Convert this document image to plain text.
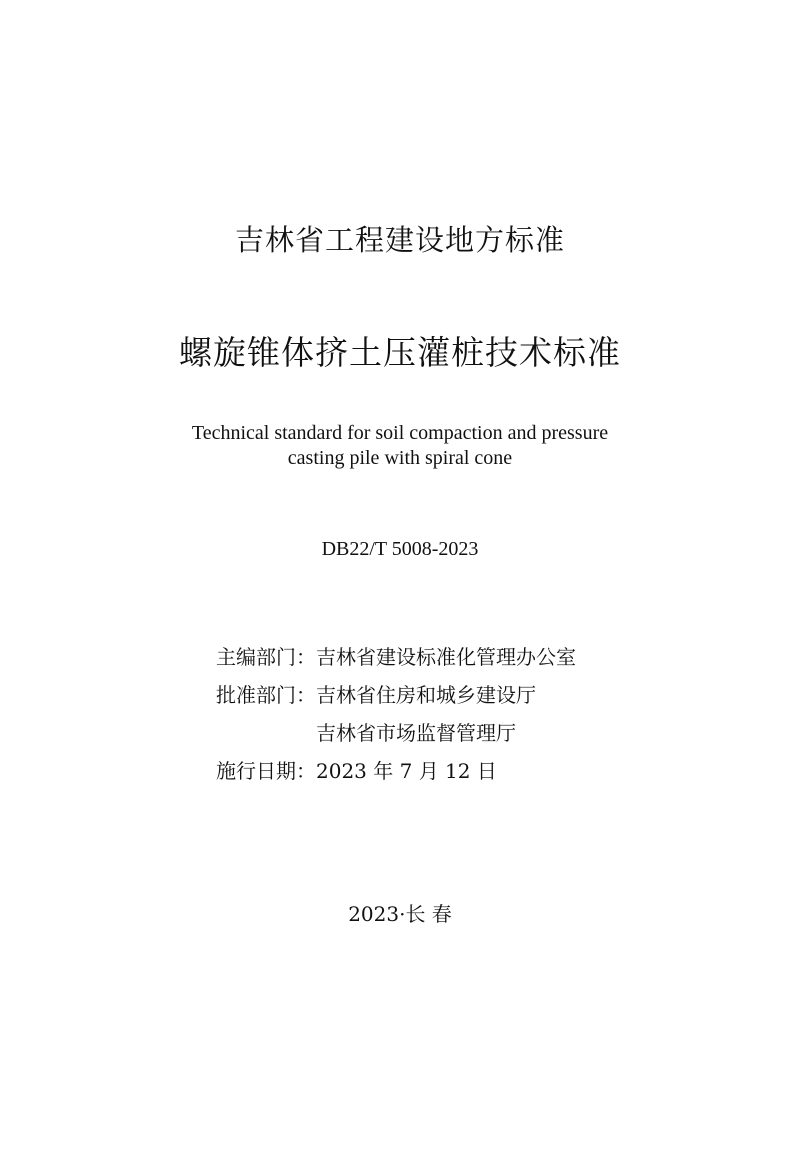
吉林省工程建设地方标准
螺旋锥体挤土压灌桩技术标准
Technical standard for soil compaction and pressure
casting pile with spiral cone
DB22/T 5008-2023
主编部门： 吉林省建设标准化管理办公室
批准部门： 吉林省住房和城乡建设厅
吉林省市场监督管理厅
施行日期： 2023 年 7 月 12 日
2023·长 春
